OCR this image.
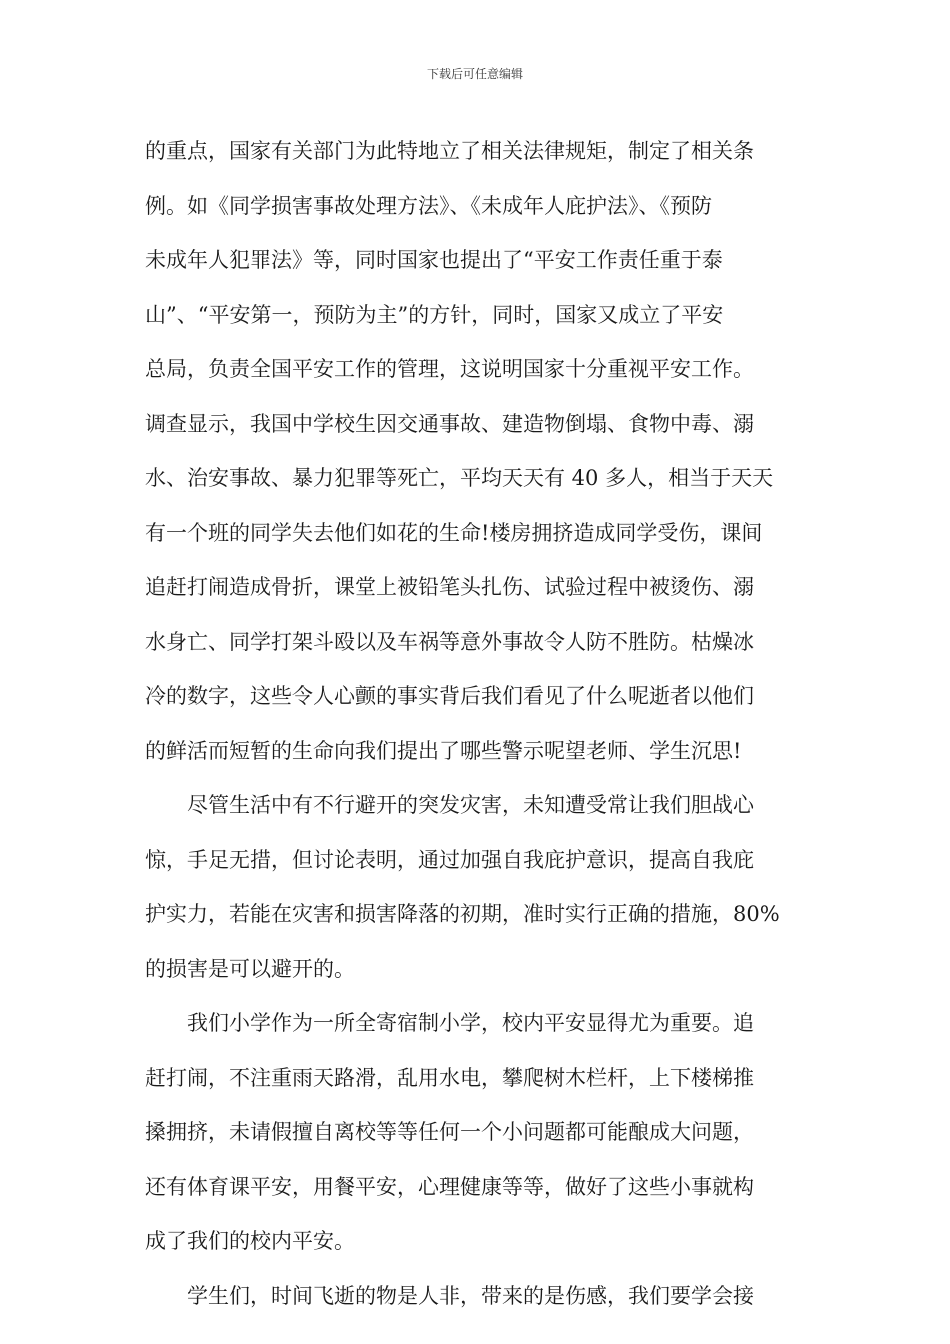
下载后可任意编辑
的重点，国家有关部门为此特地立了相关法律规矩，制定了相关条
例。如《同学损害事故处理方法》、《未成年人庇护法》、《预防
未成年人犯罪法》等，同时国家也提出了“平安工作责任重于泰
山”、“平安第一，预防为主”的方针，同时，国家又成立了平安
总局，负责全国平安工作的管理，这说明国家十分重视平安工作。
调查显示，我国中学校生因交通事故、建造物倒塌、食物中毒、溺
水、治安事故、暴力犯罪等死亡，平均天天有 40 多人，相当于天天
有一个班的同学失去他们如花的生命!楼房拥挤造成同学受伤，课间
追赶打闹造成骨折，课堂上被铅笔头扎伤、试验过程中被烫伤、溺
水身亡、同学打架斗殴以及车祸等意外事故令人防不胜防。枯燥冰
冷的数字，这些令人心颤的事实背后我们看见了什么呢逝者以他们
的鲜活而短暂的生命向我们提出了哪些警示呢望老师、学生沉思!
尽管生活中有不行避开的突发灾害，未知遭受常让我们胆战心
惊，手足无措，但讨论表明，通过加强自我庇护意识，提高自我庇
护实力，若能在灾害和损害降落的初期，准时实行正确的措施，80%
的损害是可以避开的。
我们小学作为一所全寄宿制小学，校内平安显得尤为重要。追
赶打闹，不注重雨天路滑，乱用水电，攀爬树木栏杆，上下楼梯推
搡拥挤，未请假擅自离校等等任何一个小问题都可能酿成大问题，
还有体育课平安，用餐平安，心理健康等等，做好了这些小事就构
成了我们的校内平安。
学生们，时间飞逝的物是人非，带来的是伤感，我们要学会接
